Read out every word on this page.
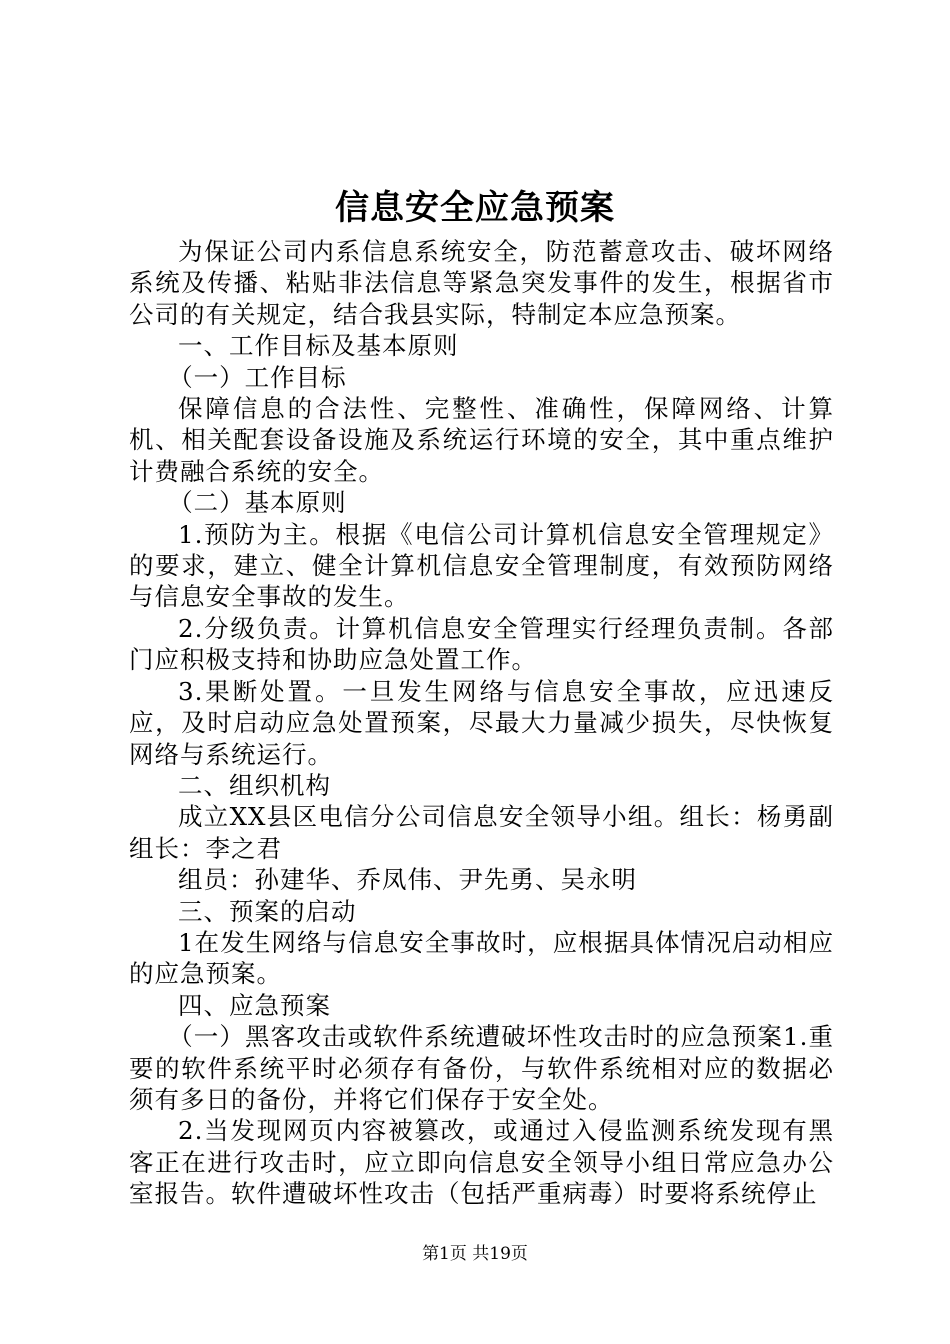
信息安全应急预案

为保证公司内系信息系统安全，防范蓄意攻击、破坏网络系统及传播、粘贴非法信息等紧急突发事件的发生，根据省市公司的有关规定，结合我县实际，特制定本应急预案。

一、工作目标及基本原则

（一）工作目标

保障信息的合法性、完整性、准确性，保障网络、计算机、相关配套设备设施及系统运行环境的安全，其中重点维护计费融合系统的安全。

（二）基本原则

1.预防为主。根据《电信公司计算机信息安全管理规定》的要求，建立、健全计算机信息安全管理制度，有效预防网络与信息安全事故的发生。

2.分级负责。计算机信息安全管理实行经理负责制。各部门应积极支持和协助应急处置工作。

3.果断处置。一旦发生网络与信息安全事故，应迅速反应，及时启动应急处置预案，尽最大力量减少损失，尽快恢复网络与系统运行。

二、组织机构

成立XX县区电信分公司信息安全领导小组。组长：杨勇副组长：李之君

组员：孙建华、乔凤伟、尹先勇、吴永明

三、预案的启动

1在发生网络与信息安全事故时，应根据具体情况启动相应的应急预案。

四、应急预案

（一）黑客攻击或软件系统遭破坏性攻击时的应急预案1.重要的软件系统平时必须存有备份，与软件系统相对应的数据必须有多日的备份，并将它们保存于安全处。

2.当发现网页内容被篡改，或通过入侵监测系统发现有黑客正在进行攻击时，应立即向信息安全领导小组日常应急办公室报告。软件遭破坏性攻击（包括严重病毒）时要将系统停止

第1页 共19页
